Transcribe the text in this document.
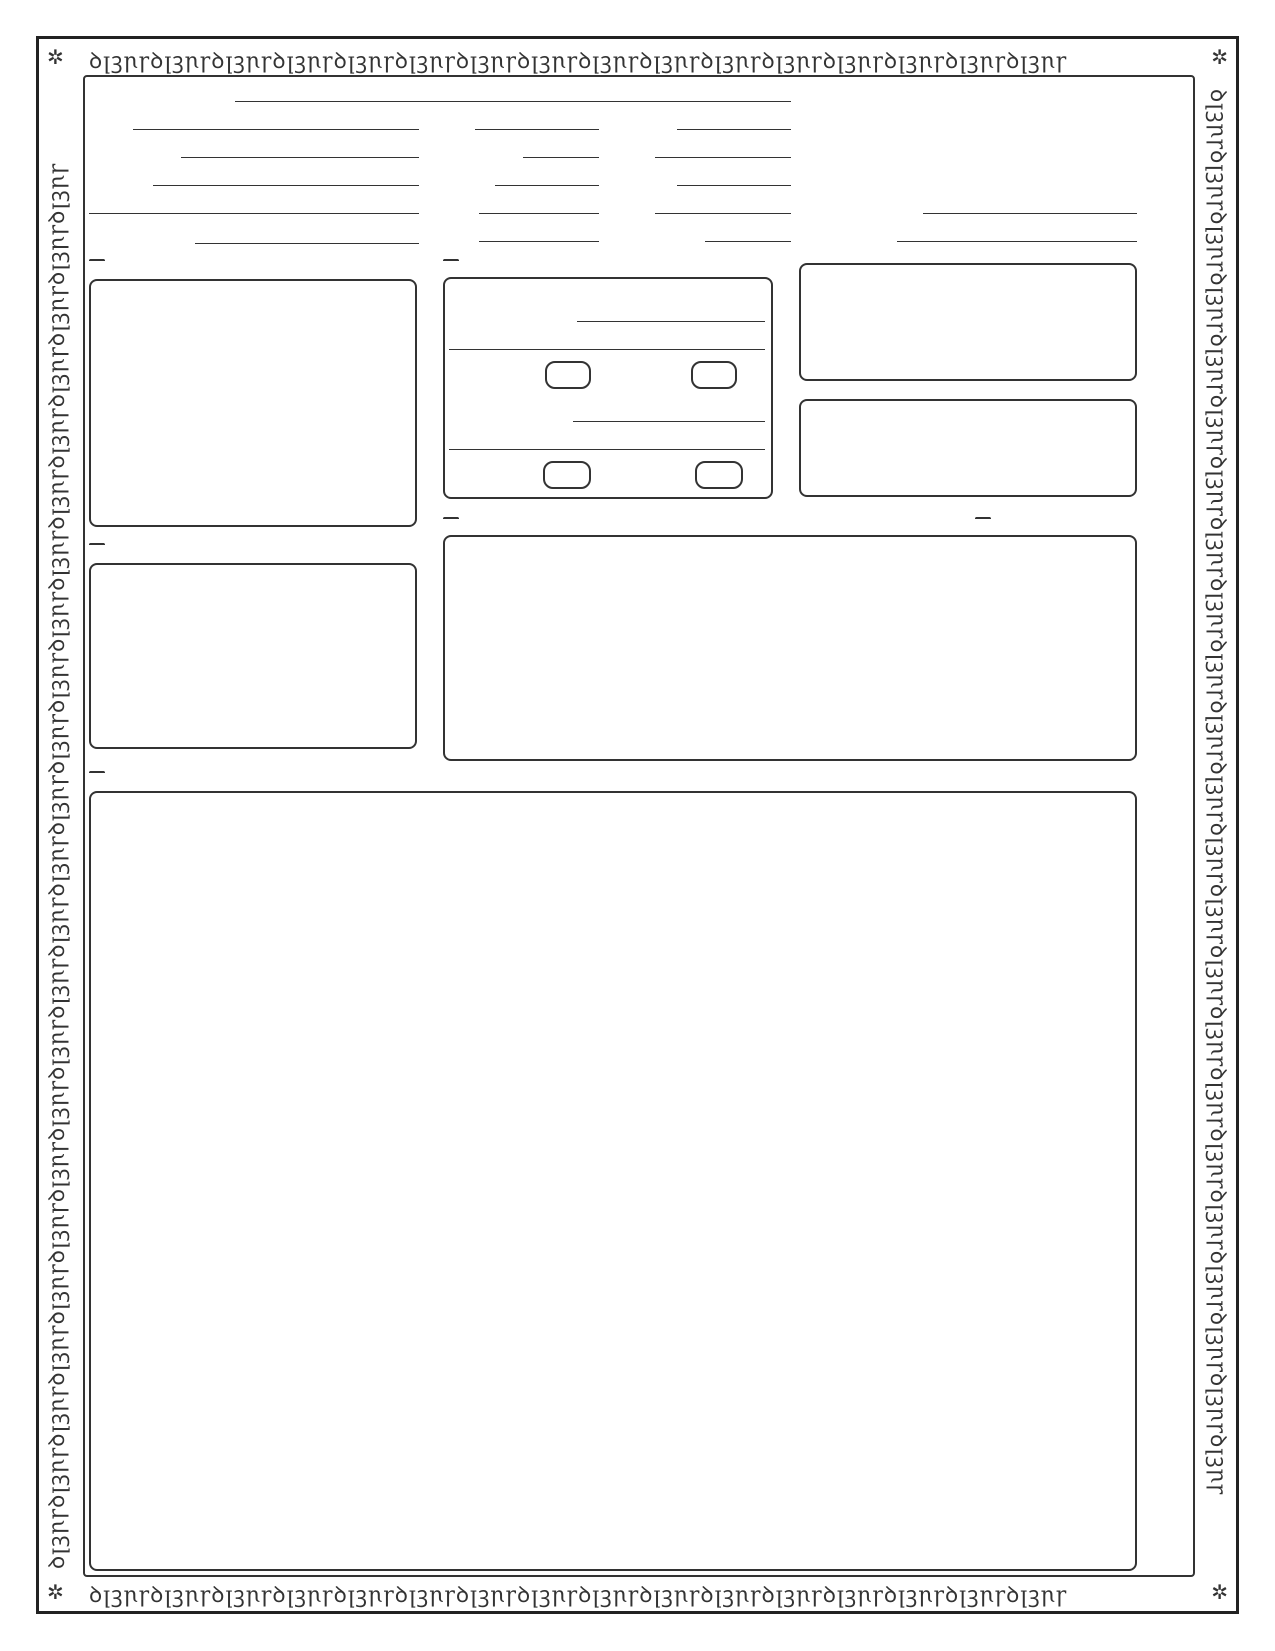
ꝺꞁꝫꞃꞅꝺꞁꝫꞃꞅꝺꞁꝫꞃꞅꝺꞁꝫꞃꞅꝺꞁꝫꞃꞅꝺꞁꝫꞃꞅꝺꞁꝫꞃꞅꝺꞁꝫꞃꞅꝺꞁꝫꞃꞅꝺꞁꝫꞃꞅꝺꞁꝫꞃꞅꝺꞁꝫꞃꞅꝺꞁꝫꞃꞅꝺꞁꝫꞃꞅꝺꞁꝫꞃꞅꝺꞁꝫꞃꞅ
ꝺꞁꝫꞃꞅꝺꞁꝫꞃꞅꝺꞁꝫꞃꞅꝺꞁꝫꞃꞅꝺꞁꝫꞃꞅꝺꞁꝫꞃꞅꝺꞁꝫꞃꞅꝺꞁꝫꞃꞅꝺꞁꝫꞃꞅꝺꞁꝫꞃꞅꝺꞁꝫꞃꞅꝺꞁꝫꞃꞅꝺꞁꝫꞃꞅꝺꞁꝫꞃꞅꝺꞁꝫꞃꞅꝺꞁꝫꞃꞅ
ꝺꞁꝫꞃꞅꝺꞁꝫꞃꞅꝺꞁꝫꞃꞅꝺꞁꝫꞃꞅꝺꞁꝫꞃꞅꝺꞁꝫꞃꞅꝺꞁꝫꞃꞅꝺꞁꝫꞃꞅꝺꞁꝫꞃꞅꝺꞁꝫꞃꞅꝺꞁꝫꞃꞅꝺꞁꝫꞃꞅꝺꞁꝫꞃꞅꝺꞁꝫꞃꞅꝺꞁꝫꞃꞅꝺꞁꝫꞃꞅꝺꞁꝫꞃꞅꝺꞁꝫꞃꞅꝺꞁꝫꞃꞅꝺꞁꝫꞃꞅꝺꞁꝫꞃꞅꝺꞁꝫꞃꞅꝺꞁꝫꞃꞅ	ꝺꞁꝫꞃꞅꝺꞁꝫꞃꞅꝺꞁꝫꞃꞅꝺꞁꝫꞃꞅꝺꞁꝫꞃꞅꝺꞁꝫꞃꞅꝺꞁꝫꞃꞅꝺꞁꝫꞃꞅꝺꞁꝫꞃꞅꝺꞁꝫꞃꞅꝺꞁꝫꞃꞅꝺꞁꝫꞃꞅꝺꞁꝫꞃꞅꝺꞁꝫꞃꞅꝺꞁꝫꞃꞅꝺꞁꝫꞃꞅꝺꞁꝫꞃꞅꝺꞁꝫꞃꞅꝺꞁꝫꞃꞅꝺꞁꝫꞃꞅꝺꞁꝫꞃꞅꝺꞁꝫꞃꞅꝺꞁꝫꞃꞅ
✲	✲
✲	✲
